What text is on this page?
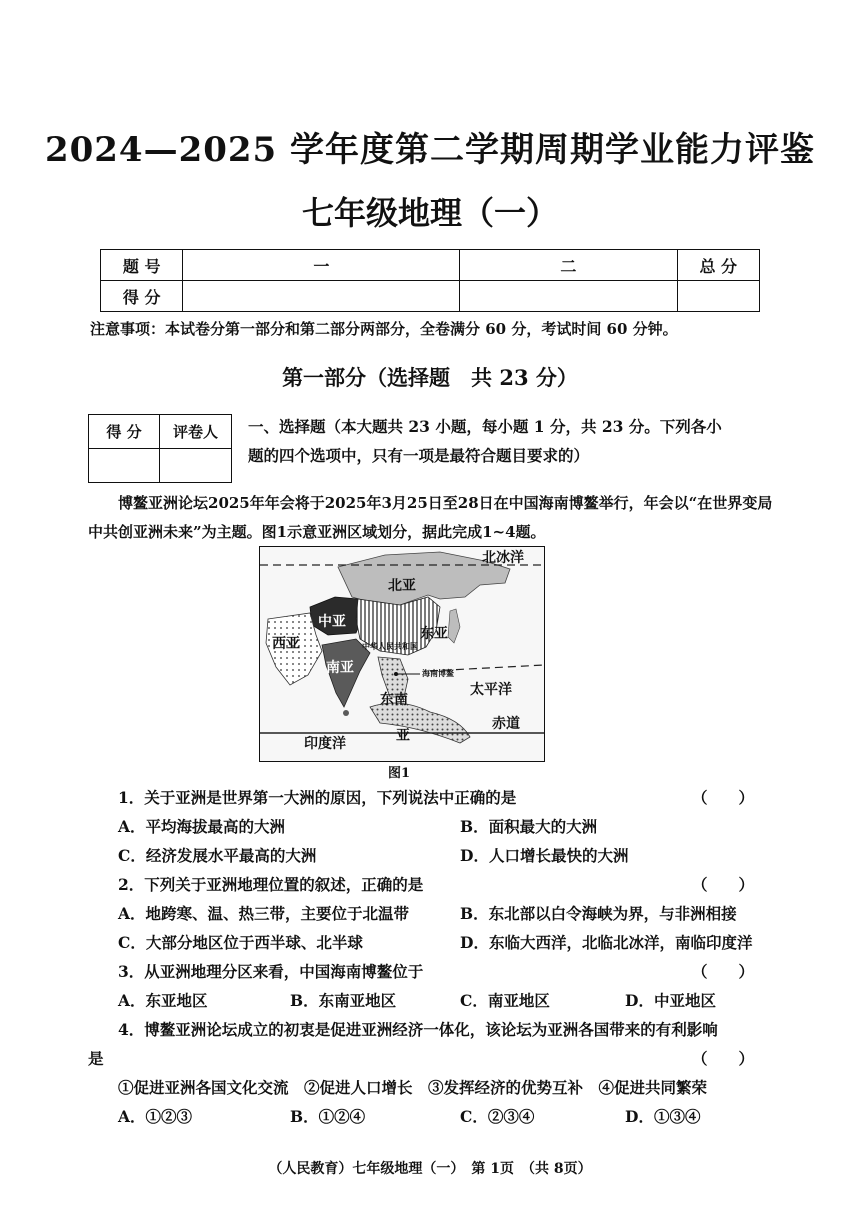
2024—2025 学年度第二学期周期学业能力评鉴
七年级地理（一）
题 号	一	二	总 分
得 分			
注意事项：本试卷分第一部分和第二部分两部分，全卷满分 60 分，考试时间 60 分钟。
第一部分（选择题　共 23 分）
得 分	评卷人
	一、选择题（本大题共 23 小题，每小题 1 分，共 23 分。下列各小
题的四个选项中，只有一项是最符合题目要求的）
博鳌亚洲论坛2025年年会将于2025年3月25日至28日在中国海南博鳌举行，年会以“在世界变局中共创亚洲未来”为主题。图1示意亚洲区域划分，据此完成1~4题。
北冰洋
北亚
中亚
东亚
西亚	中华人民共和国
南亚	海南博鳌
太平洋
东南
赤道
印度洋	亚
图1
1．关于亚洲是世界第一大洲的原因，下列说法中正确的是	（　　）
A．平均海拔最高的大洲	B．面积最大的大洲
C．经济发展水平最高的大洲	D．人口增长最快的大洲
2．下列关于亚洲地理位置的叙述，正确的是	（　　）
A．地跨寒、温、热三带，主要位于北温带	B．东北部以白令海峡为界，与非洲相接
C．大部分地区位于西半球、北半球	D．东临大西洋，北临北冰洋，南临印度洋
3．从亚洲地理分区来看，中国海南博鳌位于	（　　）
A．东亚地区	B．东南亚地区	C．南亚地区	D．中亚地区
4．博鳌亚洲论坛成立的初衷是促进亚洲经济一体化，该论坛为亚洲各国带来的有利影响
是	（　　）
①促进亚洲各国文化交流　②促进人口增长　③发挥经济的优势互补　④促进共同繁荣
A．①②③	B．①②④	C．②③④	D．①③④
（人民教育）七年级地理（一）　第 1页　（共 8页）
